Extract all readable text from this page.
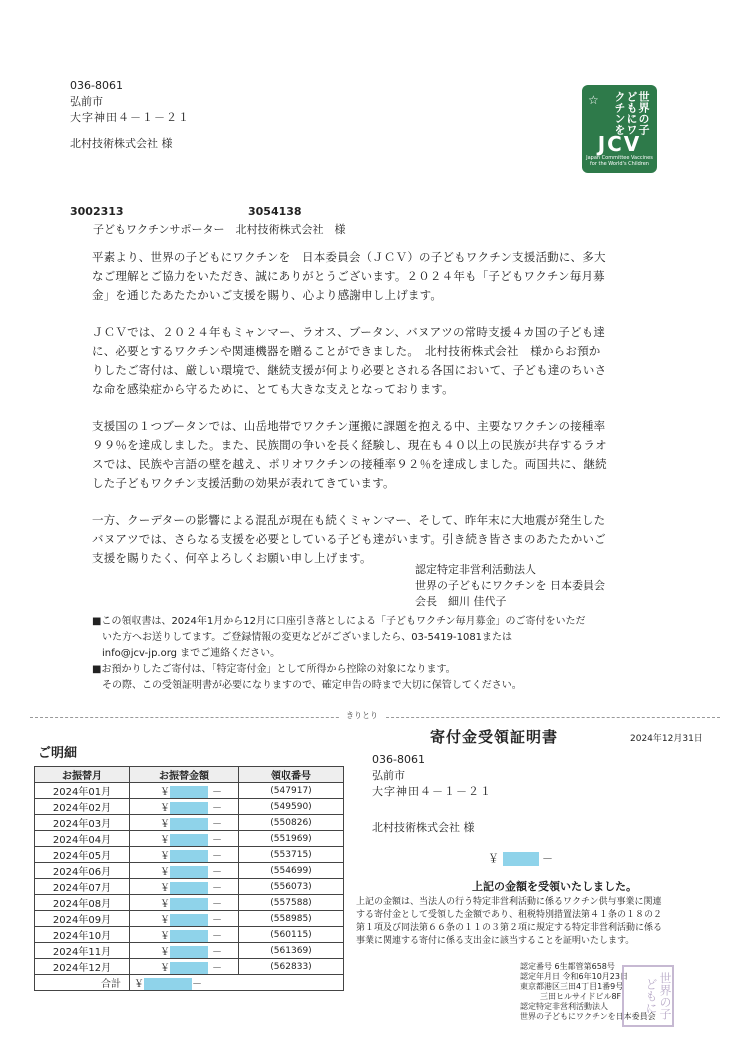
036-8061
弘前市
大字神田４－１－２１
北村技術株式会社 様
☆	世界の子どもにワクチンを
JCV
Japan Committee Vaccines for the World's Children
3002313	3054138
子どもワクチンサポーター　北村技術株式会社　様
平素より、世界の子どもにワクチンを　日本委員会（ＪＣＶ）の子どもワクチン支援活動に、多大
なご理解とご協力をいただき、誠にありがとうございます。２０２４年も「子どもワクチン毎月募
金」を通じたあたたかいご支援を賜り、心より感謝申し上げます。
ＪＣＶでは、２０２４年もミャンマー、ラオス、ブータン、バヌアツの常時支援４カ国の子ども達
に、必要とするワクチンや関連機器を贈ることができました。　北村技術株式会社　様からお預か
りしたご寄付は、厳しい環境で、継続支援が何より必要とされる各国において、子ども達のちいさ
な命を感染症から守るために、とても大きな支えとなっております。
支援国の１つブータンでは、山岳地帯でワクチン運搬に課題を抱える中、主要なワクチンの接種率
９９％を達成しました。また、民族間の争いを長く経験し、現在も４０以上の民族が共存するラオ
スでは、民族や言語の壁を越え、ポリオワクチンの接種率９２％を達成しました。両国共に、継続
した子どもワクチン支援活動の効果が表れてきています。
一方、クーデターの影響による混乱が現在も続くミャンマー、そして、昨年末に大地震が発生した
バヌアツでは、さらなる支援を必要としている子ども達がいます。引き続き皆さまのあたたかいご
支援を賜りたく、何卒よろしくお願い申し上げます。
認定特定非営利活動法人
世界の子どもにワクチンを 日本委員会
会長　細川 佳代子
■この領収書は、2024年1月から12月に口座引き落としによる「子どもワクチン毎月募金」のご寄付をいただ
　いた方へお送りしてます。ご登録情報の変更などがございましたら、03-5419-1081または
　info@jcv-jp.org までご連絡ください。
■お預かりしたご寄付は、「特定寄付金」として所得から控除の対象になります。
　その際、この受領証明書が必要になりますので、確定申告の時まで大切に保管してください。
きりとり
ご明細
お振替月	お振替金額	領収番号
2024年01月	￥ －	(547917)
2024年02月	￥ －	(549590)
2024年03月	￥ －	(550826)
2024年04月	￥ －	(551969)
2024年05月	￥ －	(553715)
2024年06月	￥ －	(554699)
2024年07月	￥ －	(556073)
2024年08月	￥ －	(557588)
2024年09月	￥ －	(558985)
2024年10月	￥ －	(560115)
2024年11月	￥ －	(561369)
2024年12月	￥ －	(562833)
合計	￥ －	
寄付金受領証明書	2024年12月31日
036-8061
弘前市
大字神田４－１－２１
北村技術株式会社 様
￥	－
上記の金額を受領いたしました。
上記の金額は、当法人の行う特定非営利活動に係るワクチン供与事業に関連
する寄付金として受領した金額であり、租税特別措置法第４１条の１８の２
第１項及び同法第６６条の１１の３第２項に規定する特定非営利活動に係る
事業に関連する寄付に係る支出金に該当することを証明いたします。
認定番号 6生都管第658号
認定年月日 令和6年10月23日
東京都港区三田4丁目1番9号
三田ヒルサイドビル8F
認定特定非営利活動法人
世界の子どもにワクチンを日本委員会 世界の子どもに
